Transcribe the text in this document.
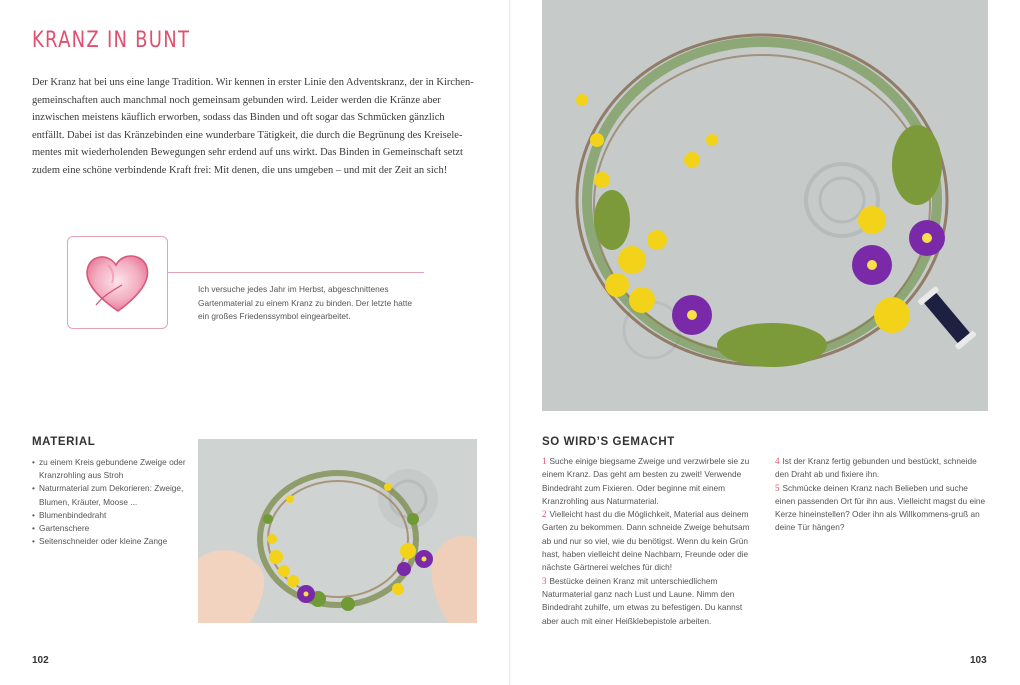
KRANZ IN BUNT

Der Kranz hat bei uns eine lange Tradition. Wir kennen in erster Linie den Adventskranz, der in Kirchen-

gemeinschaften auch manchmal noch gemeinsam gebunden wird. Leider werden die Kränze aber

inzwischen meistens käuflich erworben, sodass das Binden und oft sogar das Schmücken gänzlich

entfällt. Dabei ist das Kränzebinden eine wunderbare Tätigkeit, die durch die Begrünung des Kreisele-

mentes mit wiederholenden Bewegungen sehr erdend auf uns wirkt. Das Binden in Gemeinschaft setzt

zudem eine schöne verbindende Kraft frei: Mit denen, die uns umgeben – und mit der Zeit an sich!

Ich versuche jedes Jahr im Herbst, abgeschnittenes
Gartenmaterial zu einem Kranz zu binden. Der letzte hatte
ein großes Friedenssymbol eingearbeitet.
MATERIAL
• zu einem Kreis gebundene Zweige oder Kranzrohling aus Stroh
• Naturmaterial zum Dekorieren: Zweige, Blumen, Kräuter, Moose ...
• Blumenbindedraht
• Gartenschere
• Seitenschneider oder kleine Zange
102
SO WIRD’S GEMACHT

1 Suche einige biegsame Zweige und verzwirbele sie zu einem Kranz. Das geht am besten zu zweit! Verwende Bindedraht zum Fixieren. Oder beginne mit einem Kranzrohling aus Naturmaterial.

2 Vielleicht hast du die Möglichkeit, Material aus deinem Garten zu bekommen. Dann schneide Zweige behutsam ab und nur so viel, wie du benötigst. Wenn du kein Grün hast, haben vielleicht deine Nachbarn, Freunde oder die nächste Gärtnerei welches für dich!

3 Bestücke deinen Kranz mit unterschiedlichem Naturmaterial ganz nach Lust und Laune. Nimm den Bindedraht zuhilfe, um etwas zu befestigen. Du kannst aber auch mit einer Heißklebepistole arbeiten.

4 Ist der Kranz fertig gebunden und bestückt, schneide den Draht ab und fixiere ihn.

5 Schmücke deinen Kranz nach Belieben und suche einen passenden Ort für ihn aus. Vielleicht magst du eine Kerze hineinstellen? Oder ihn als Willkommens-gruß an deine Tür hängen?

103
